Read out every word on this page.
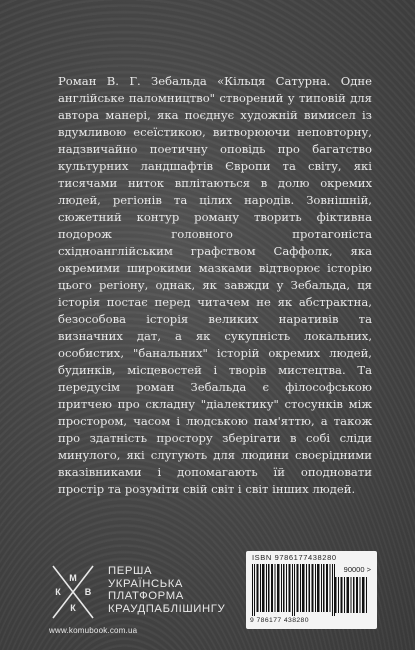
Роман В. Г. Зебальда «Кільця Сатурна. Одне англійське паломництво" створений у типовій для автора манері, яка поєднує художній вимисел із вдумливою есеїстикою, витворюючи неповторну, надзвичайно поетичну оповідь про багатство культурних ландшафтів Європи та світу, які тисячами ниток вплітаються в долю окремих людей, регіонів та цілих народів. Зовнішній, сюжетний контур роману творить фіктивна подорож головного протагоніста східноанглійським графством Саффолк, яка окремими широкими мазками відтворює історію цього регіону, однак, як завжди у Зебальда, ця історія постає перед читачем не як абстрактна, безособова історія великих наративів та визначних дат, а як сукупність локальних, особистих, "банальних" історій окремих людей, будинків, місцевостей і творів мистецтва. Та передусім роман Зебальда є філософською притчею про складну "діалектику" стосунків між простором, часом і людською пам'яттю, а також про здатність простору зберігати в собі сліди минулого, які слугують для людини своєрідними вказівниками і допомагають їй оподновати простір та розуміти свій світ і світ інших людей.

М
К	В
К
ПЕРША
УКРАЇНСЬКА
ПЛАТФОРМА
КРАУДПАБЛІШИНГУ
www.komubook.com.ua
ISBN 9786177438280
90000 >
9 786177 438280
